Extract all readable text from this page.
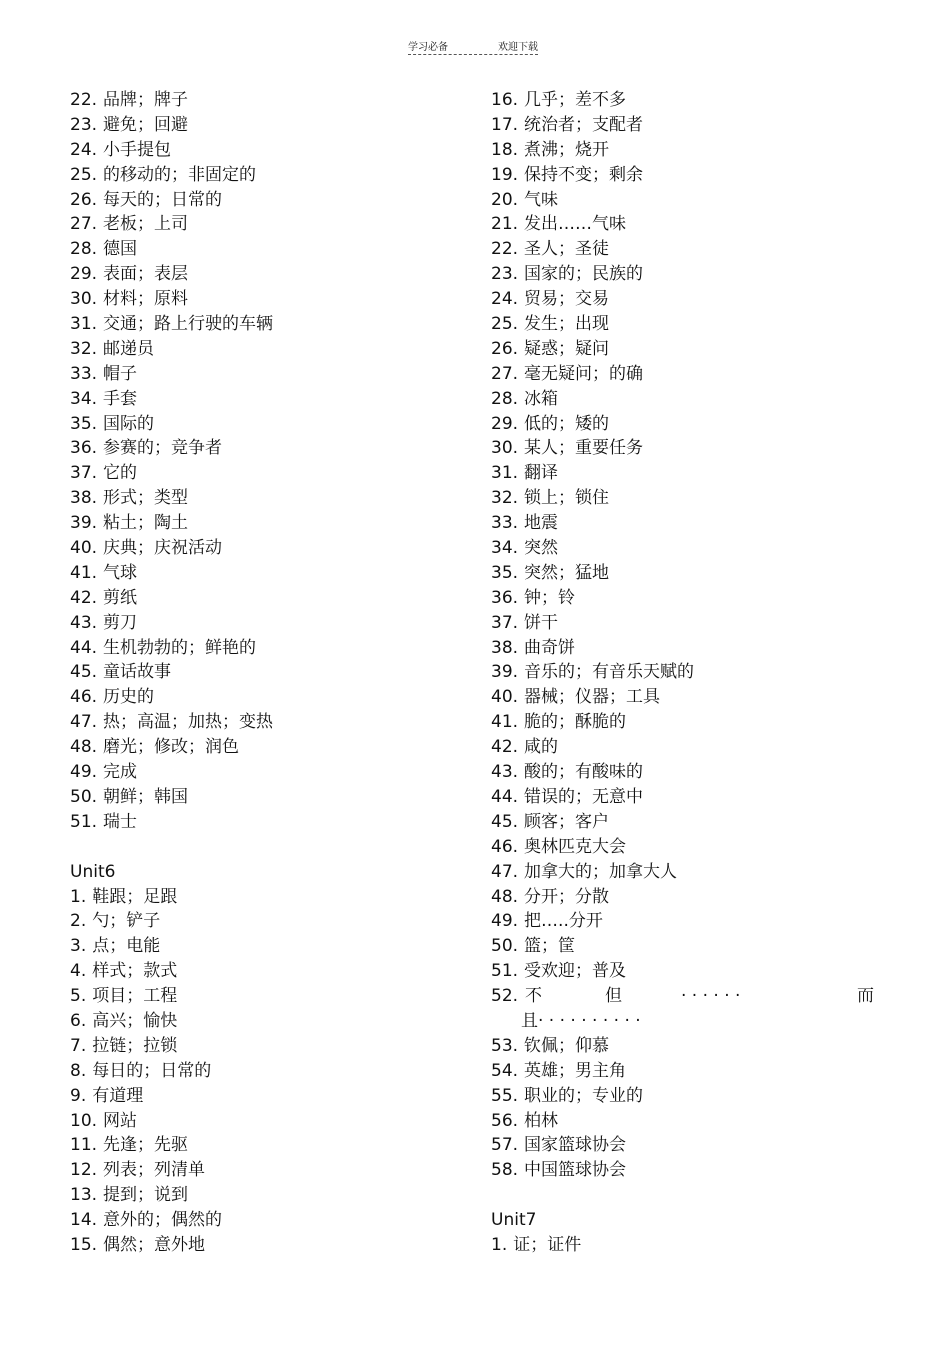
学习必备	欢迎下载
22. 品牌；牌子
23. 避免；回避
24. 小手提包
25. 的移动的；非固定的
26. 每天的；日常的
27. 老板；上司
28. 德国
29. 表面；表层
30. 材料；原料
31. 交通；路上行驶的车辆
32. 邮递员
33. 帽子
34. 手套
35. 国际的
36. 参赛的；竞争者
37. 它的
38. 形式；类型
39. 粘土；陶土
40. 庆典；庆祝活动
41. 气球
42. 剪纸
43. 剪刀
44. 生机勃勃的；鲜艳的
45. 童话故事
46. 历史的
47. 热；高温；加热；变热
48. 磨光；修改；润色
49. 完成
50. 朝鲜；韩国
51. 瑞士
Unit6
1. 鞋跟；足跟
2. 勺；铲子
3. 点；电能
4. 样式；款式
5. 项目；工程
6. 高兴；愉快
7. 拉链；拉锁
8. 每日的；日常的
9. 有道理
10. 网站
11. 先逢；先驱
12. 列表；列清单
13. 提到；说到
14. 意外的；偶然的
15. 偶然；意外地
16. 几乎；差不多
17. 统治者；支配者
18. 煮沸；烧开
19. 保持不变；剩余
20. 气味
21. 发出……气味
22. 圣人；圣徒
23. 国家的；民族的
24. 贸易；交易
25. 发生；出现
26. 疑惑；疑问
27. 毫无疑问；的确
28. 冰箱
29. 低的；矮的
30. 某人；重要任务
31. 翻译
32. 锁上；锁住
33. 地震
34. 突然
35. 突然；猛地
36. 钟；铃
37. 饼干
38. 曲奇饼
39. 音乐的；有音乐天赋的
40. 器械；仪器；工具
41. 脆的；酥脆的
42. 咸的
43. 酸的；有酸味的
44. 错误的；无意中
45. 顾客；客户
46. 奥林匹克大会
47. 加拿大的；加拿大人
48. 分开；分散
49. 把…..分开
50. 篮；筐
51. 受欢迎；普及
52. 不	但	· · · · · ·	而
且· · · · · · · · · ·
53. 钦佩；仰慕
54. 英雄；男主角
55. 职业的；专业的
56. 柏林
57. 国家篮球协会
58. 中国篮球协会
Unit7
1. 证；证件
